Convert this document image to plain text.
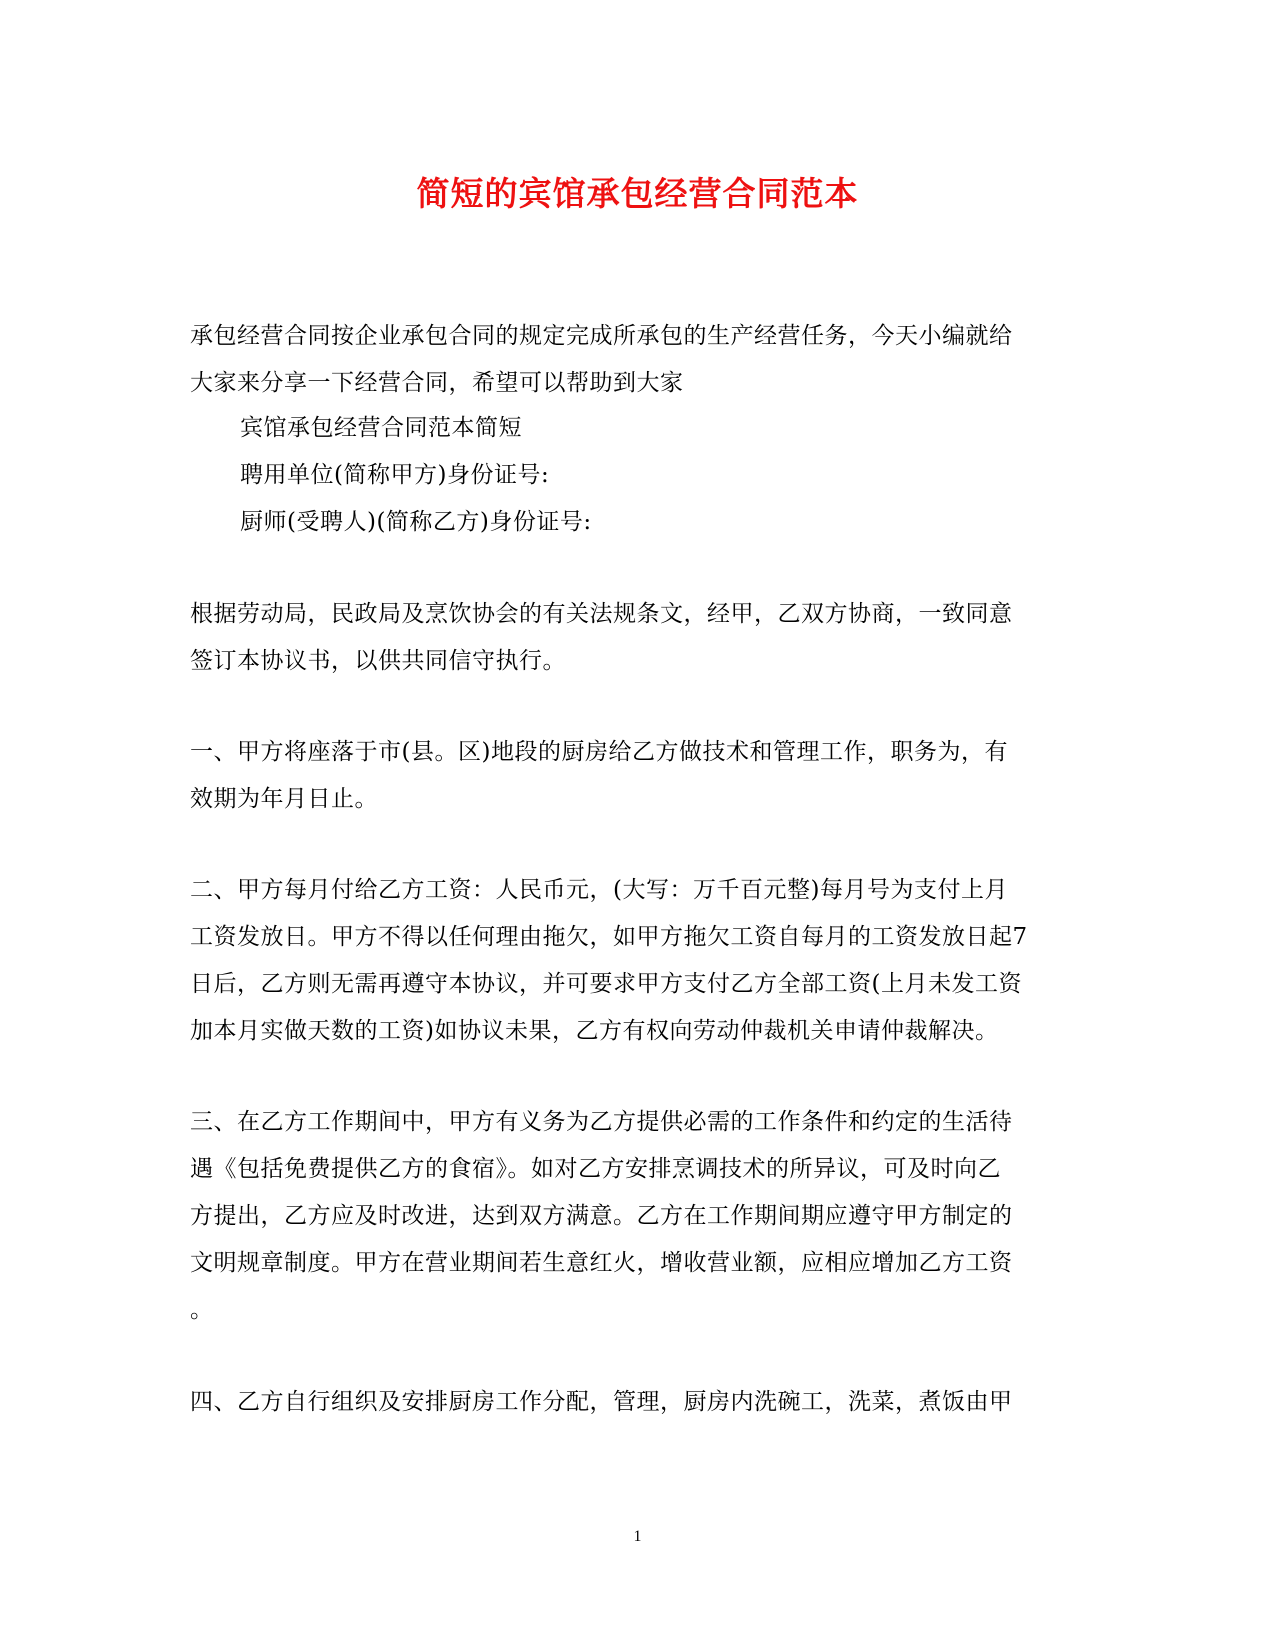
简短的宾馆承包经营合同范本
承包经营合同按企业承包合同的规定完成所承包的生产经营任务，今天小编就给
大家来分享一下经营合同，希望可以帮助到大家
宾馆承包经营合同范本简短
聘用单位(简称甲方)身份证号:
厨师(受聘人)(简称乙方)身份证号:
根据劳动局，民政局及烹饮协会的有关法规条文，经甲，乙双方协商，一致同意
签订本协议书，以供共同信守执行。
一、甲方将座落于市(县。区)地段的厨房给乙方做技术和管理工作，职务为，有
效期为年月日止。
二、甲方每月付给乙方工资：人民币元，(大写：万千百元整)每月号为支付上月
工资发放日。甲方不得以任何理由拖欠，如甲方拖欠工资自每月的工资发放日起7
日后，乙方则无需再遵守本协议，并可要求甲方支付乙方全部工资(上月未发工资
加本月实做天数的工资)如协议未果，乙方有权向劳动仲裁机关申请仲裁解决。
三、在乙方工作期间中，甲方有义务为乙方提供必需的工作条件和约定的生活待
遇《包括免费提供乙方的食宿》。如对乙方安排烹调技术的所异议，可及时向乙
方提出，乙方应及时改进，达到双方满意。乙方在工作期间期应遵守甲方制定的
文明规章制度。甲方在营业期间若生意红火，增收营业额，应相应增加乙方工资
。
四、乙方自行组织及安排厨房工作分配，管理，厨房内洗碗工，洗菜，煮饭由甲
1
